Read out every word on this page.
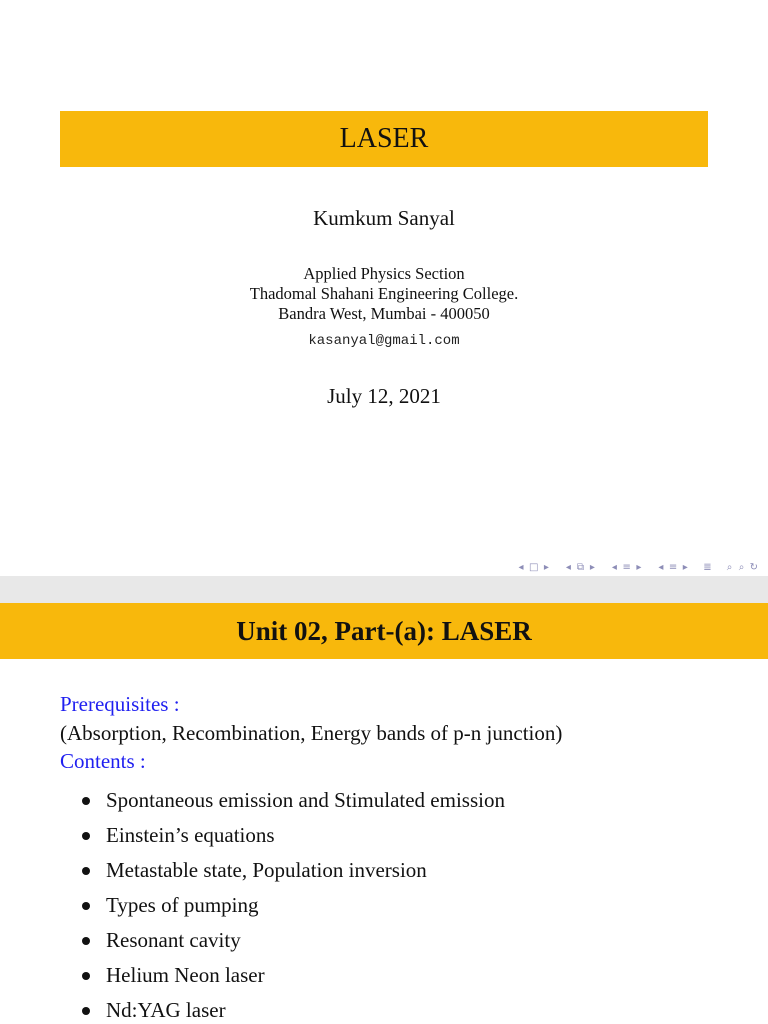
LASER
Kumkum Sanyal
Applied Physics Section
Thadomal Shahani Engineering College.
Bandra West, Mumbai - 400050
kasanyal@gmail.com
July 12, 2021
◂ □ ▸ ◂ ⧉ ▸ ◂ ≡ ▸ ◂ ≡ ▸ ≣ ⌕ ⌕ ↻
Unit 02, Part-(a): LASER
Prerequisites :
(Absorption, Recombination, Energy bands of p-n junction)
Contents :
Spontaneous emission and Stimulated emission
Einstein’s equations
Metastable state, Population inversion
Types of pumping
Resonant cavity
Helium Neon laser
Nd:YAG laser
